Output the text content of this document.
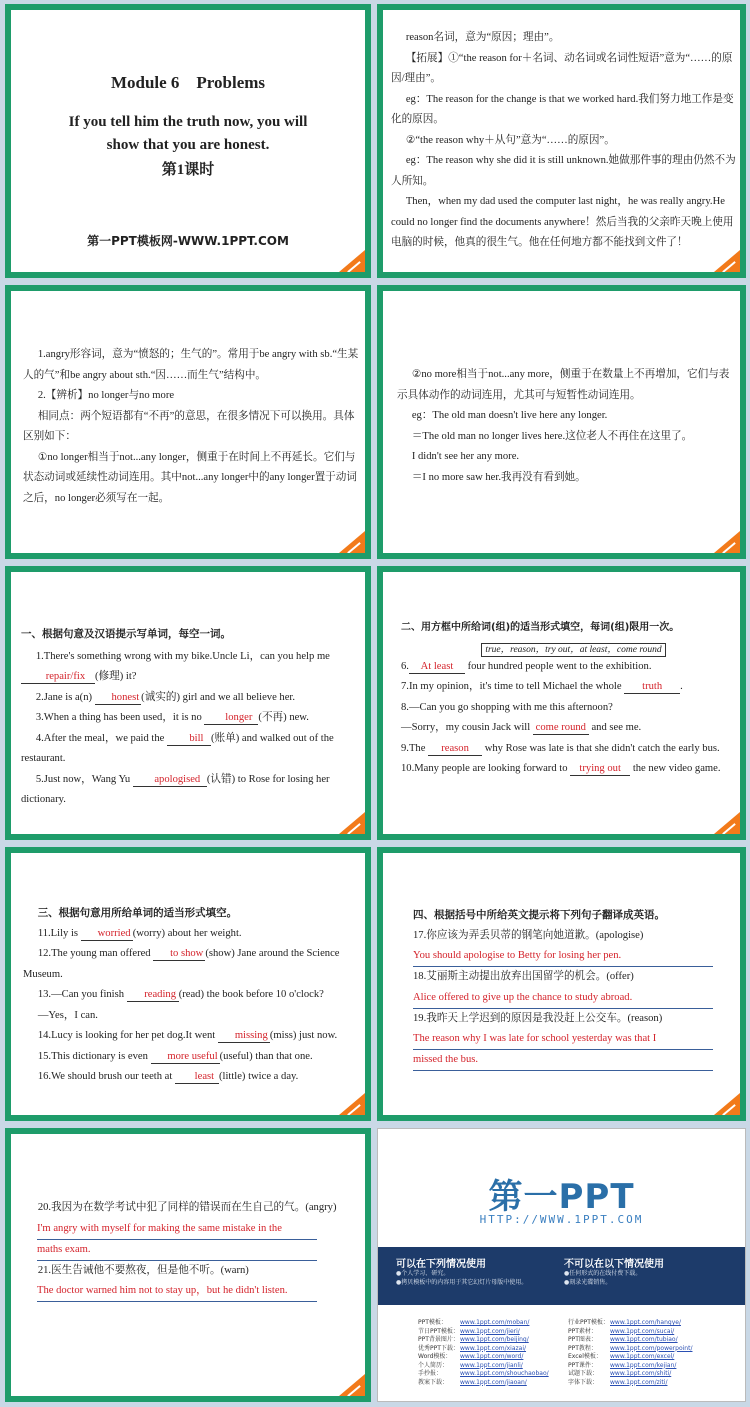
Module 6　Problems
If you tell him the truth now, you will
show that you are honest.
第1课时
第一PPT模板网-WWW.1PPT.COM

reason名词，意为“原因；理由”。

【拓展】①“the reason for＋名词、动名词或名词性短语”意为“……的原因/理由”。

eg：The reason for the change is that we worked hard.我们努力地工作是变化的原因。

②“the reason why＋从句”意为“……的原因”。

eg：The reason why she did it is still unknown.她做那件事的理由仍然不为人所知。

Then，when my dad used the computer last night，he was really angry.He could no longer find the documents anywhere！然后当我的父亲昨天晚上使用电脑的时候，他真的很生气。他在任何地方都不能找到文件了！

1.angry形容词，意为“愤怒的；生气的”。常用于be angry with sb.“生某人的气”和be angry about sth.“因……而生气”结构中。

2.【辨析】no longer与no more

相同点：两个短语都有“不再”的意思，在很多情况下可以换用。具体区别如下：

①no longer相当于not...any longer，侧重于在时间上不再延长。它们与状态动词或延续性动词连用。其中not...any longer中的any longer置于动词之后，no longer必须写在一起。

②no more相当于not...any more，侧重于在数量上不再增加，它们与表示具体动作的动词连用，尤其可与短暂性动词连用。

eg：The old man doesn't live here any longer.

＝The old man no longer lives here.这位老人不再住在这里了。

I didn't see her any more.

＝I no more saw her.我再没有看到她。

一、根据句意及汉语提示写单词，每空一词。

1.There's something wrong with my bike.Uncle Li，can you help me repair/fix (修理) it?

2.Jane is a(n) honest (诚实的) girl and we all believe her.

3.When a thing has been used，it is no longer (不再) new.

4.After the meal，we paid the bill (账单) and walked out of the restaurant.

5.Just now，Wang Yu apologised (认错) to Rose for losing her dictionary.

二、用方框中所给词(组)的适当形式填空，每词(组)限用一次。

true，reason，try out，at least，come round

6. At least four hundred people went to the exhibition.

7.In my opinion，it's time to tell Michael the whole truth .

8.—Can you go shopping with me this afternoon?

—Sorry，my cousin Jack will come round and see me.

9.The reason why Rose was late is that she didn't catch the early bus.

10.Many people are looking forward to trying out the new video game.

三、根据句意用所给单词的适当形式填空。

11.Lily is worried (worry) about her weight.

12.The young man offered to show (show) Jane around the Science Museum.

13.—Can you finish reading (read) the book before 10 o'clock?

—Yes，I can.

14.Lucy is looking for her pet dog.It went missing (miss) just now.

15.This dictionary is even more useful (useful) than that one.

16.We should brush our teeth at least (little) twice a day.

四、根据括号中所给英文提示将下列句子翻译成英语。

17.你应该为弄丢贝蒂的钢笔向她道歉。(apologise)

You should apologise to Betty for losing her pen.

18.艾丽斯主动提出放弃出国留学的机会。(offer)

Alice offered to give up the chance to study abroad.

19.我昨天上学迟到的原因是我没赶上公交车。(reason)

The reason why I was late for school yesterday was that I
missed the bus.

20.我因为在数学考试中犯了同样的错误而在生自己的气。(angry)

I'm angry with myself for making the same mistake in the
maths exam.

21.医生告诫他不要熬夜，但是他不听。(warn)

The doctor warned him not to stay up，but he didn't listen.
第一PPT
HTTP://WWW.1PPT.COM
可以在下列情况使用
●个人学习、研究。
●拷贝模板中的内容用于其它幻灯片母版中使用。
不可以在以下情况使用
●任何形式的在线付费下载。
●刻录光碟销售。
PPT模板： www.1ppt.com/moban/
节日PPT模板：www.1ppt.com/jieri/
PPT背景图片：www.1ppt.com/beijing/
优秀PPT下载：www.1ppt.com/xiazai/
Word模板： www.1ppt.com/word/
个人简历： www.1ppt.com/jianli/
手抄报：	www.1ppt.com/shouchaobao/
教案下载： www.1ppt.com/jiaoan/
行业PPT模板：www.1ppt.com/hangye/
PPT素材： www.1ppt.com/sucai/
PPT图表： www.1ppt.com/tubiao/
PPT教程： www.1ppt.com/powerpoint/
Excel模板： www.1ppt.com/excel/
PPT课件： www.1ppt.com/kejian/
试题下载： www.1ppt.com/shiti/
字体下载： www.1ppt.com/ziti/
